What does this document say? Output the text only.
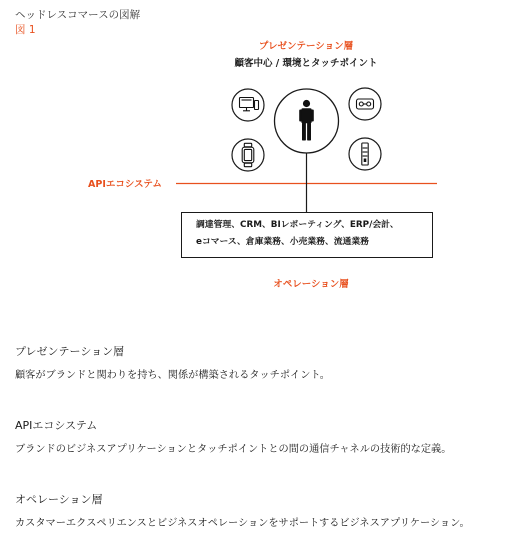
ヘッドレスコマースの図解
図 1
プレゼンテーション層
顧客中心 / 環境とタッチポイント
APIエコシステム
調達管理、CRM、BIレポーティング、ERP/会計、
eコマース、倉庫業務、小売業務、流通業務
オペレーション層
プレゼンテーション層
顧客がブランドと関わりを持ち、関係が構築されるタッチポイント。
APIエコシステム
ブランドのビジネスアプリケーションとタッチポイントとの間の通信チャネルの技術的な定義。
オペレーション層
カスタマーエクスペリエンスとビジネスオペレーションをサポートするビジネスアプリケーション。
